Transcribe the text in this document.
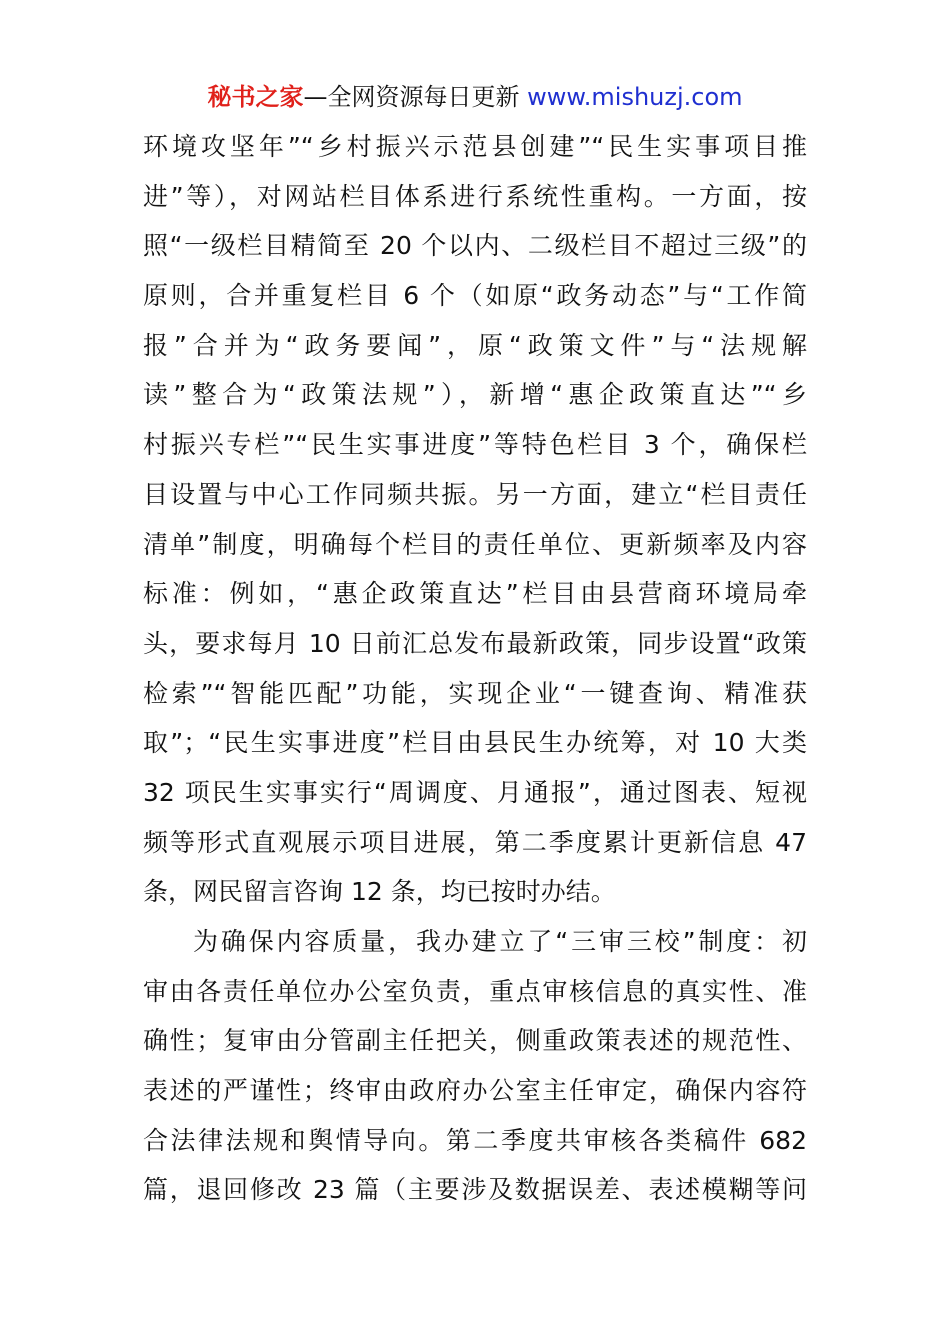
秘书之家—全网资源每日更新 www.mishuzj.com
环境攻坚年”“乡村振兴示范县创建”“民生实事项目推
进”等），对网站栏目体系进行系统性重构。一方面，按
照“一级栏目精简至 20 个以内、二级栏目不超过三级”的
原则，合并重复栏目 6 个（如原“政务动态”与“工作简
报”合并为“政务要闻”，原“政策文件”与“法规解
读”整合为“政策法规”），新增“惠企政策直达”“乡
村振兴专栏”“民生实事进度”等特色栏目 3 个，确保栏
目设置与中心工作同频共振。另一方面，建立“栏目责任
清单”制度，明确每个栏目的责任单位、更新频率及内容
标准：例如，“惠企政策直达”栏目由县营商环境局牵
头，要求每月 10 日前汇总发布最新政策，同步设置“政策
检索”“智能匹配”功能，实现企业“一键查询、精准获
取”；“民生实事进度”栏目由县民生办统筹，对 10 大类
32 项民生实事实行“周调度、月通报”，通过图表、短视
频等形式直观展示项目进展，第二季度累计更新信息 47
条，网民留言咨询 12 条，均已按时办结。
为确保内容质量，我办建立了“三审三校”制度：初
审由各责任单位办公室负责，重点审核信息的真实性、准
确性；复审由分管副主任把关，侧重政策表述的规范性、
表述的严谨性；终审由政府办公室主任审定，确保内容符
合法律法规和舆情导向。第二季度共审核各类稿件 682
篇，退回修改 23 篇（主要涉及数据误差、表述模糊等问
